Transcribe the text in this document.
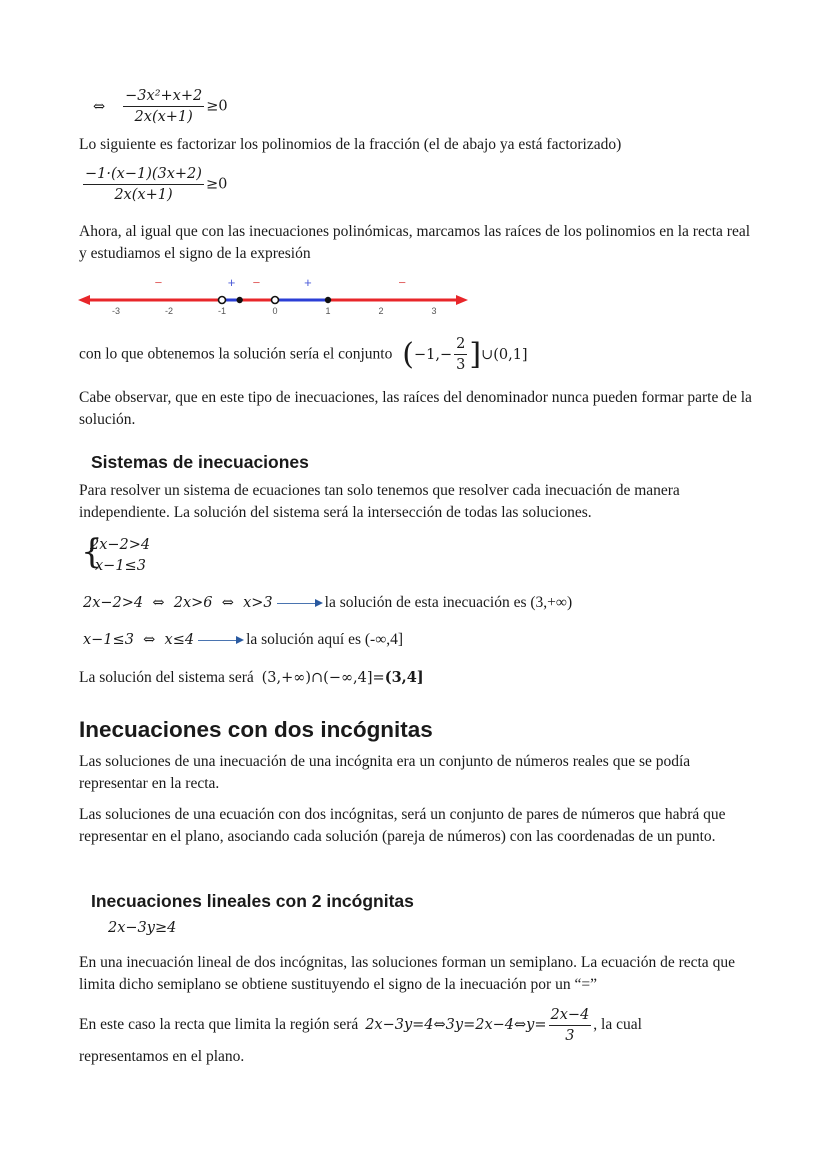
⇔ $\frac{\text{−3x²+x+2}}{2x(x+1)} \ge 0$
Lo siguiente es factorizar los polinomios de la fracción (el de abajo ya está factorizado)
$\frac{-1\cdot(x-1)(3x+2)}{2x(x+1)} \ge 0$
Ahora, al igual que con las inecuaciones polinómicas, marcamos las raíces de los polinomios en la recta real y estudiamos el signo de la expresión
-3	-2	-1	0	1	2	3
−	+ −	+	−
con lo que obtenemos la solución sería el conjunto ($-1,- \frac{2}{3}$ ]∪(0,1]
Cabe observar, que en este tipo de inecuaciones, las raíces del denominador nunca pueden formar parte de la solución.
Sistemas de inecuaciones
Para resolver un sistema de ecuaciones tan solo tenemos que resolver cada inecuación de manera independiente. La solución del sistema será la intersección de todas las soluciones.
{
2x−2>4
x−1≤3
2x−2>4  ⇔  2x>6  ⇔  x>3	la solución de esta inecuación es (3,+∞)
x−1≤3  ⇔  x≤4	la solución aquí es (-∞,4]
La solución del sistema será (3,+∞)∩(−∞,4]=(3,4]
Inecuaciones con dos incógnitas
Las soluciones de una inecuación de una incógnita era un conjunto de números reales que se podía representar en la recta.
Las soluciones de una ecuación con dos incógnitas, será un conjunto de pares de números que habrá que representar en el plano, asociando cada solución (pareja de números) con las coordenadas de un punto.
Inecuaciones lineales con 2 incógnitas
2x−3y≥4
En una inecuación lineal de dos incógnitas, las soluciones forman un semiplano. La ecuación de recta que limita dicho semiplano se obtiene sustituyendo el signo de la inecuación por un “=”
En este caso la recta que limita la región será 2x−3y=4⇔3y=2x−4⇔y= $\frac{2x-4}{3}$ , la cual
representamos en el plano.
